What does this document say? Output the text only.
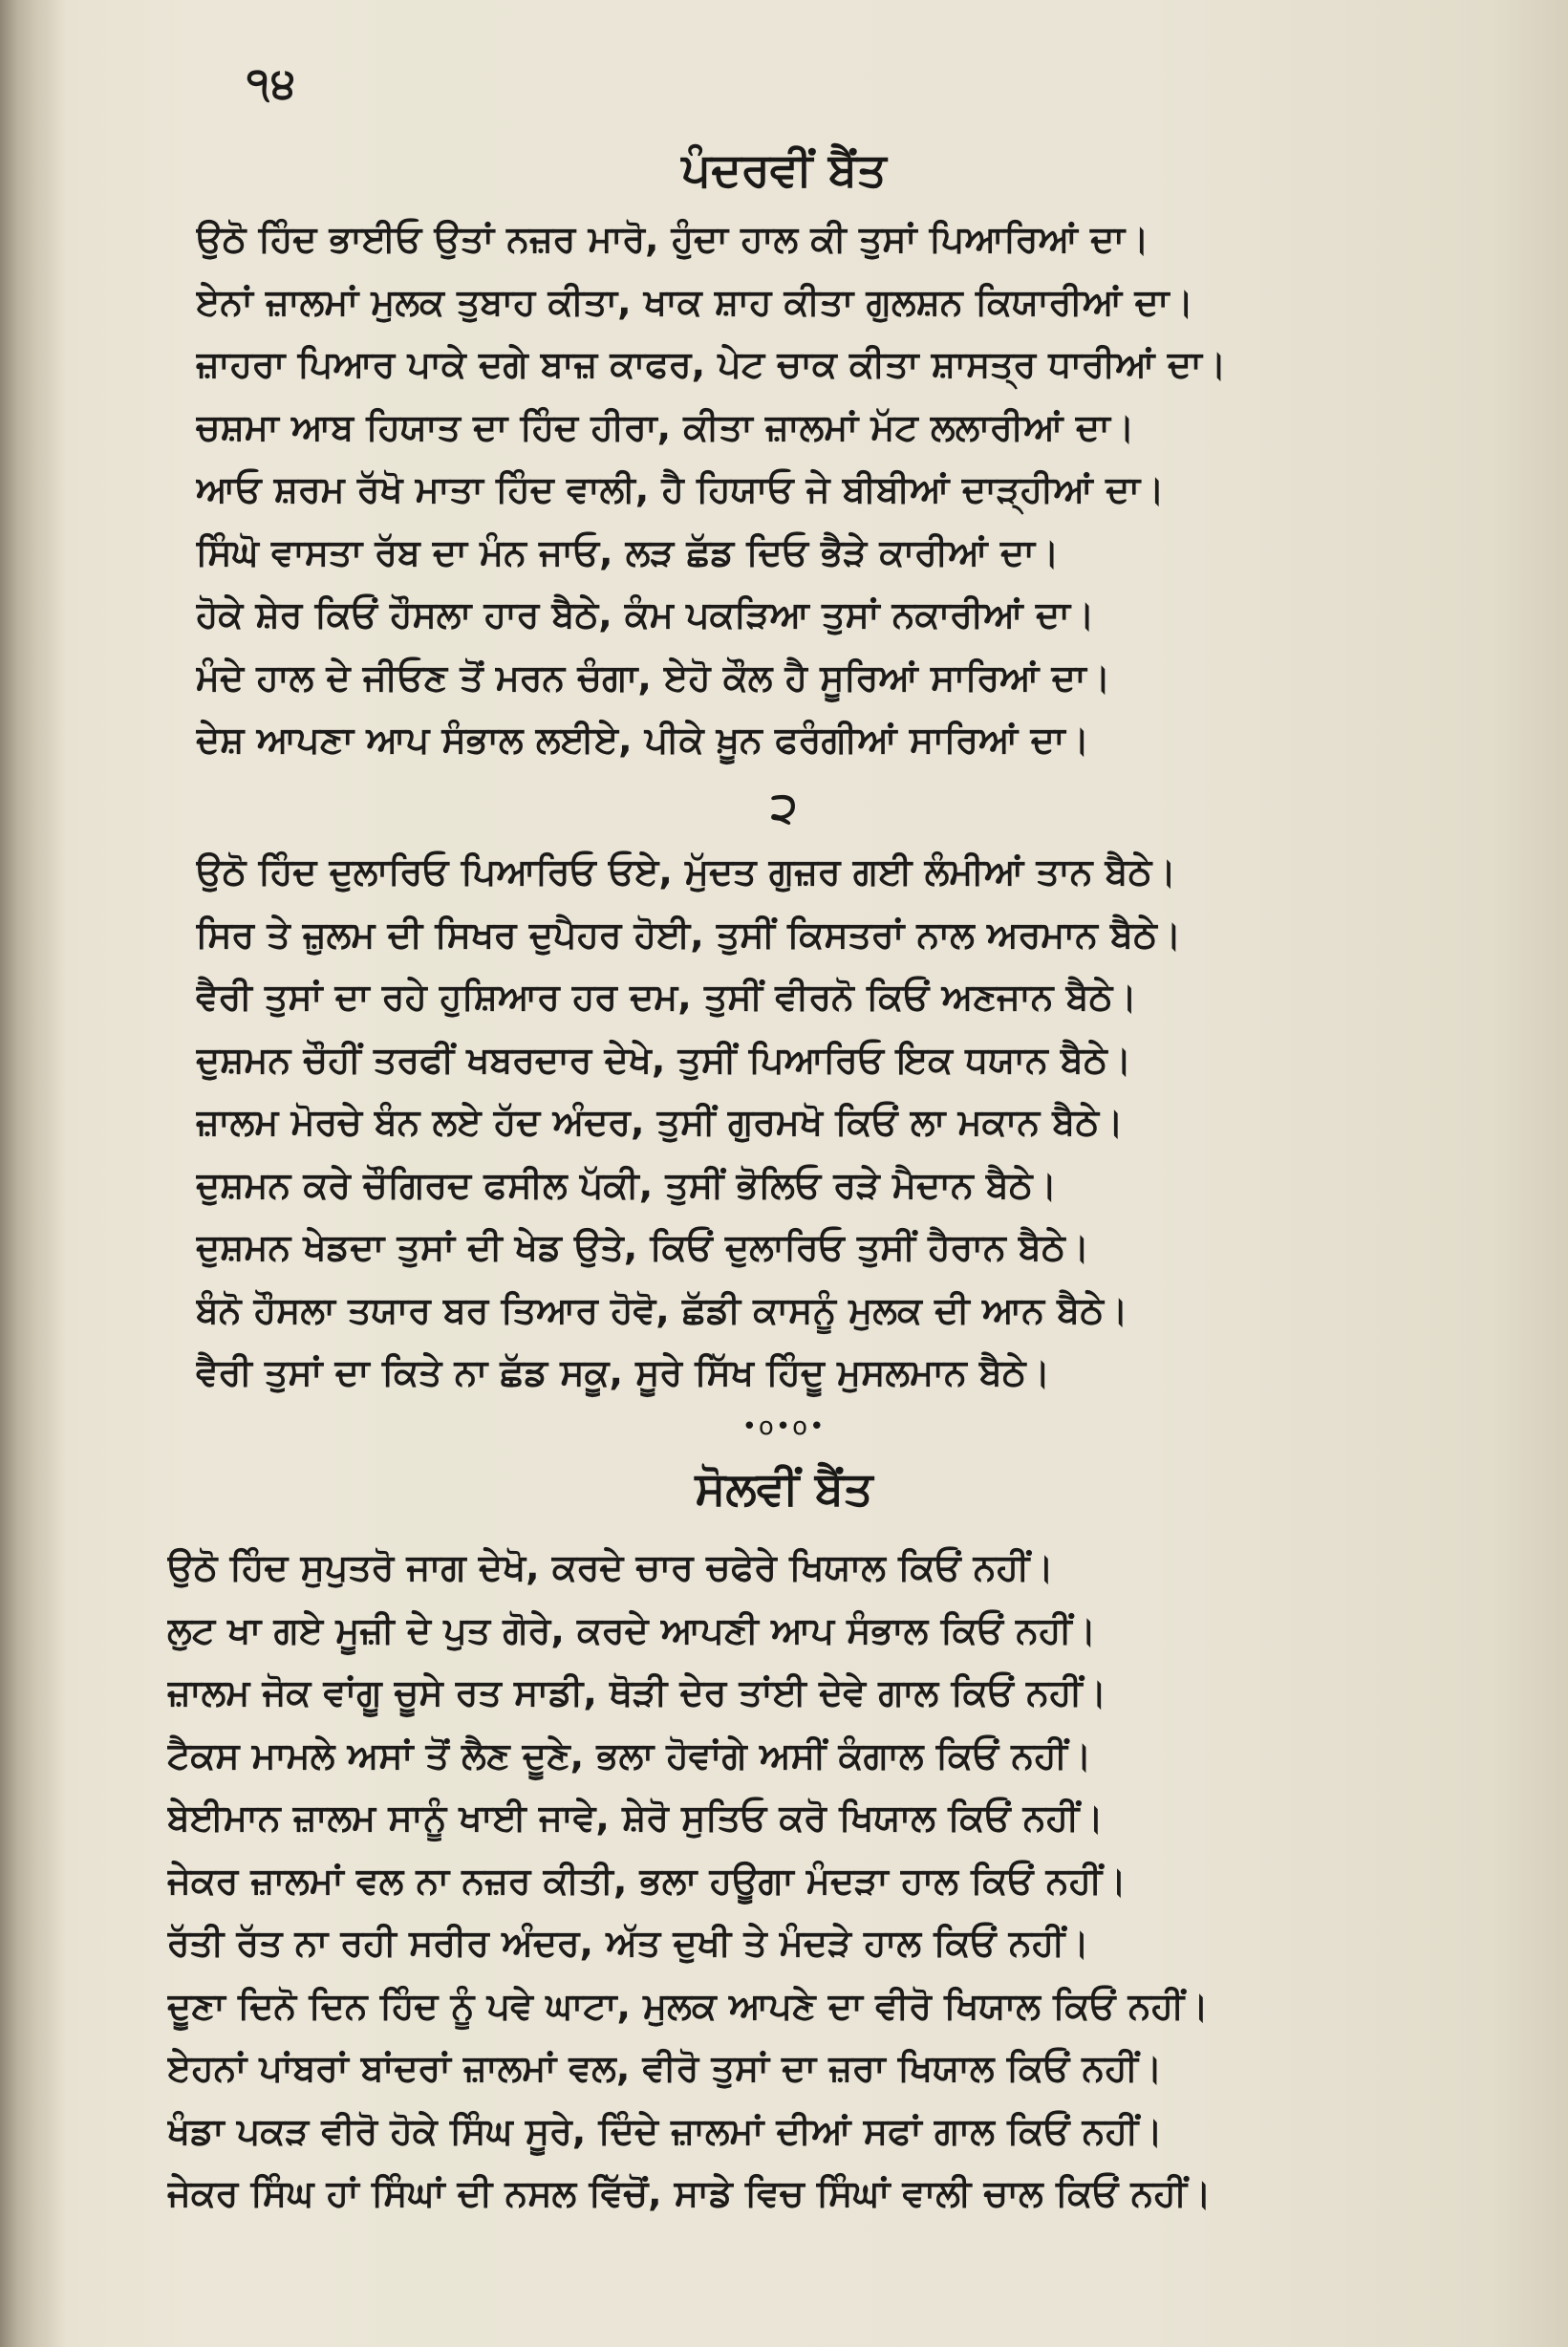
੧੪
ਪੰਦਰਵੀਂ ਬੈਂਤ
ਉਠੋ ਹਿੰਦ ਭਾਈਓ ਉਤਾਂ ਨਜ਼ਰ ਮਾਰੋ, ਹੁੰਦਾ ਹਾਲ ਕੀ ਤੁਸਾਂ ਪਿਆਰਿਆਂ ਦਾ।
ਏਨਾਂ ਜ਼ਾਲਮਾਂ ਮੁਲਕ ਤੁਬਾਹ ਕੀਤਾ, ਖਾਕ ਸ਼ਾਹ ਕੀਤਾ ਗੁਲਸ਼ਨ ਕਿਯਾਰੀਆਂ ਦਾ।
ਜ਼ਾਹਰਾ ਪਿਆਰ ਪਾਕੇ ਦਗੇ ਬਾਜ਼ ਕਾਫਰ, ਪੇਟ ਚਾਕ ਕੀਤਾ ਸ਼ਾਸਤ੍ਰ ਧਾਰੀਆਂ ਦਾ।
ਚਸ਼ਮਾ ਆਬ ਹਿਯਾਤ ਦਾ ਹਿੰਦ ਹੀਰਾ, ਕੀਤਾ ਜ਼ਾਲਮਾਂ ਮੱਟ ਲਲਾਰੀਆਂ ਦਾ।
ਆਓ ਸ਼ਰਮ ਰੱਖੋ ਮਾਤਾ ਹਿੰਦ ਵਾਲੀ, ਹੈ ਹਿਯਾਓ ਜੇ ਬੀਬੀਆਂ ਦਾੜ੍ਹੀਆਂ ਦਾ।
ਸਿੰਘੋ ਵਾਸਤਾ ਰੱਬ ਦਾ ਮੰਨ ਜਾਓ, ਲੜ ਛੱਡ ਦਿਓ ਭੈੜੇ ਕਾਰੀਆਂ ਦਾ।
ਹੋਕੇ ਸ਼ੇਰ ਕਿਓਂ ਹੌਸਲਾ ਹਾਰ ਬੈਠੇ, ਕੰਮ ਪਕੜਿਆ ਤੁਸਾਂ ਨਕਾਰੀਆਂ ਦਾ।
ਮੰਦੇ ਹਾਲ ਦੇ ਜੀਓਣ ਤੋਂ ਮਰਨ ਚੰਗਾ, ਏਹੋ ਕੌਲ ਹੈ ਸੂਰਿਆਂ ਸਾਰਿਆਂ ਦਾ।
ਦੇਸ਼ ਆਪਣਾ ਆਪ ਸੰਭਾਲ ਲਈਏ, ਪੀਕੇ ਖ਼ੂਨ ਫਰੰਗੀਆਂ ਸਾਰਿਆਂ ਦਾ।
੨
ਉਠੋ ਹਿੰਦ ਦੁਲਾਰਿਓ ਪਿਆਰਿਓ ਓਏ, ਮੁੱਦਤ ਗੁਜ਼ਰ ਗਈ ਲੰਮੀਆਂ ਤਾਨ ਬੈਠੇ।
ਸਿਰ ਤੇ ਜ਼ੁਲਮ ਦੀ ਸਿਖਰ ਦੁਪੈਹਰ ਹੋਈ, ਤੁਸੀਂ ਕਿਸਤਰਾਂ ਨਾਲ ਅਰਮਾਨ ਬੈਠੇ।
ਵੈਰੀ ਤੁਸਾਂ ਦਾ ਰਹੇ ਹੁਸ਼ਿਆਰ ਹਰ ਦਮ, ਤੁਸੀਂ ਵੀਰਨੋ ਕਿਓਂ ਅਣਜਾਨ ਬੈਠੇ।
ਦੁਸ਼ਮਨ ਚੌਹੀਂ ਤਰਫੀਂ ਖਬਰਦਾਰ ਦੇਖੇ, ਤੁਸੀਂ ਪਿਆਰਿਓ ਇਕ ਧਯਾਨ ਬੈਠੇ।
ਜ਼ਾਲਮ ਮੋਰਚੇ ਬੰਨ ਲਏ ਹੱਦ ਅੰਦਰ, ਤੁਸੀਂ ਗੁਰਮਖੋ ਕਿਓਂ ਲਾ ਮਕਾਨ ਬੈਠੇ।
ਦੁਸ਼ਮਨ ਕਰੇ ਚੌਗਿਰਦ ਫਸੀਲ ਪੱਕੀ, ਤੁਸੀਂ ਭੋਲਿਓ ਰੜੇ ਮੈਦਾਨ ਬੈਠੇ।
ਦੁਸ਼ਮਨ ਖੇਡਦਾ ਤੁਸਾਂ ਦੀ ਖੇਡ ਉਤੇ, ਕਿਓਂ ਦੁਲਾਰਿਓ ਤੁਸੀਂ ਹੈਰਾਨ ਬੈਠੇ।
ਬੰਨੋ ਹੌਸਲਾ ਤਯਾਰ ਬਰ ਤਿਆਰ ਹੋਵੋ, ਛੱਡੀ ਕਾਸਨੂੰ ਮੁਲਕ ਦੀ ਆਨ ਬੈਠੇ।
ਵੈਰੀ ਤੁਸਾਂ ਦਾ ਕਿਤੇ ਨਾ ਛੱਡ ਸਕੂ, ਸੂਰੇ ਸਿੱਖ ਹਿੰਦੂ ਮੁਸਲਮਾਨ ਬੈਠੇ।
•ο•ο•
ਸੋਲਵੀਂ ਬੈਂਤ
ਉਠੋ ਹਿੰਦ ਸੁਪੁਤਰੋ ਜਾਗ ਦੇਖੋ, ਕਰਦੇ ਚਾਰ ਚਫੇਰੇ ਖਿਯਾਲ ਕਿਓਂ ਨਹੀਂ।
ਲੁਟ ਖਾ ਗਏ ਮੂਜ਼ੀ ਦੇ ਪੁਤ ਗੋਰੇ, ਕਰਦੇ ਆਪਣੀ ਆਪ ਸੰਭਾਲ ਕਿਓਂ ਨਹੀਂ।
ਜ਼ਾਲਮ ਜੋਕ ਵਾਂਗੂ ਚੂਸੇ ਰਤ ਸਾਡੀ, ਥੋੜੀ ਦੇਰ ਤਾਂਈ ਦੇਵੇ ਗਾਲ ਕਿਓਂ ਨਹੀਂ।
ਟੈਕਸ ਮਾਮਲੇ ਅਸਾਂ ਤੋਂ ਲੈਣ ਦੂਣੇ, ਭਲਾ ਹੋਵਾਂਗੇ ਅਸੀਂ ਕੰਗਾਲ ਕਿਓਂ ਨਹੀਂ।
ਬੇਈਮਾਨ ਜ਼ਾਲਮ ਸਾਨੂੰ ਖਾਈ ਜਾਵੇ, ਸ਼ੇਰੋ ਸੁਤਿਓ ਕਰੋ ਖਿਯਾਲ ਕਿਓਂ ਨਹੀਂ।
ਜੇਕਰ ਜ਼ਾਲਮਾਂ ਵਲ ਨਾ ਨਜ਼ਰ ਕੀਤੀ, ਭਲਾ ਹਊਗਾ ਮੰਦੜਾ ਹਾਲ ਕਿਓਂ ਨਹੀਂ।
ਰੱਤੀ ਰੱਤ ਨਾ ਰਹੀ ਸਰੀਰ ਅੰਦਰ, ਅੱਤ ਦੁਖੀ ਤੇ ਮੰਦੜੇ ਹਾਲ ਕਿਓਂ ਨਹੀਂ।
ਦੂਣਾ ਦਿਨੋ ਦਿਨ ਹਿੰਦ ਨੂੰ ਪਵੇ ਘਾਟਾ, ਮੁਲਕ ਆਪਣੇ ਦਾ ਵੀਰੋ ਖਿਯਾਲ ਕਿਓਂ ਨਹੀਂ।
ਏਹਨਾਂ ਪਾਂਬਰਾਂ ਬਾਂਦਰਾਂ ਜ਼ਾਲਮਾਂ ਵਲ, ਵੀਰੋ ਤੁਸਾਂ ਦਾ ਜ਼ਰਾ ਖਿਯਾਲ ਕਿਓਂ ਨਹੀਂ।
ਖੰਡਾ ਪਕੜ ਵੀਰੋ ਹੋਕੇ ਸਿੰਘ ਸੂਰੇ, ਦਿੰਦੇ ਜ਼ਾਲਮਾਂ ਦੀਆਂ ਸਫਾਂ ਗਾਲ ਕਿਓਂ ਨਹੀਂ।
ਜੇਕਰ ਸਿੰਘ ਹਾਂ ਸਿੰਘਾਂ ਦੀ ਨਸਲ ਵਿੱਚੋਂ, ਸਾਡੇ ਵਿਚ ਸਿੰਘਾਂ ਵਾਲੀ ਚਾਲ ਕਿਓਂ ਨਹੀਂ।
